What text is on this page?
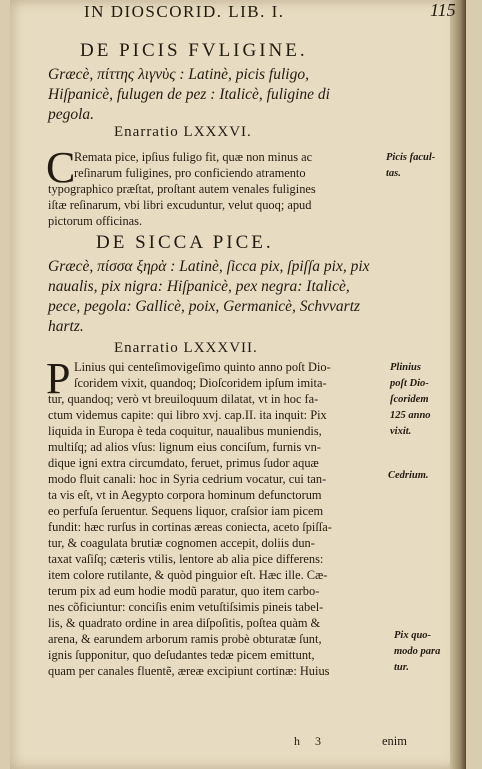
IN DIOSCORID. LIB. I.	115

DE PICIS FVLIGINE.

Græcè, πίττης λιγνὺς : Latinè, picis fuligo,

Hiſpanicè, fulugen de pez : Italicè, fuligine di

pegola.

Enarratio LXXXVI.

C

Remata pice, ipſius fuligo fit, quæ non minus ac

reſinarum fuligines, pro conficiendo atramento

typographico præſtat, proſtant autem venales fuligines

iſtæ reſinarum, vbi libri excuduntur, velut quoq; apud

pictorum officinas.

Picis facul-

tas.

DE SICCA PICE.

Græcè, πίσσα ξηρὰ : Latinè, ſicca pix, ſpiſſa pix, pix

naualis, pix nigra: Hiſpanicè, pex negra: Italicè,

pece, pegola: Gallicè, poix, Germanicè, Schvvartz

hartz.

Enarratio LXXXVII.

P Linius qui centeſimovigeſimo quinto anno poſt Dio-

ſcoridem vixit, quandoq; Dioſcoridem ipſum imita-

tur, quandoq; verò vt breuiloquum dilatat, vt in hoc fa-

ctum videmus capite: qui libro xvj. cap.II. ita inquit: Pix

liquida in Europa è teda coquitur, naualibus muniendis,

multiſq; ad alios vſus: lignum eius conciſum, furnis vn-

dique igni extra circumdato, feruet, primus ſudor aquæ

modo fluit canali: hoc in Syria cedrium vocatur, cui tan-

ta vis eſt, vt in Aegypto corpora hominum defunctorum

eo perfuſa ſeruentur. Sequens liquor, craſsior iam picem

fundit: hæc rurſus in cortinas æreas coniecta, aceto ſpiſſa-

tur, & coagulata brutiæ cognomen accepit, doliis dun-

taxat vaſiſq; cæteris vtilis, lentore ab alia pice differens:

item colore rutilante, & quòd pinguior eſt. Hæc ille. Cæ-

terum pix ad eum hodie modũ paratur, quo item carbo-

nes cõficiuntur: conciſis enim vetuſtiſsimis pineis tabel-

lis, & quadrato ordine in area diſpoſitis, poſtea quàm &

arena, & earundem arborum ramis probè obturatæ ſunt,

ignis ſupponitur, quo deſudantes tedæ picem emittunt,

quam per canales fluentẽ, æreæ excipiunt cortinæ: Huius

Plinius

poſt Dio-

ſcoridem

125 anno

vixit.

Cedrium.

Pix quo-

modo para

tur.

h 3	enim
